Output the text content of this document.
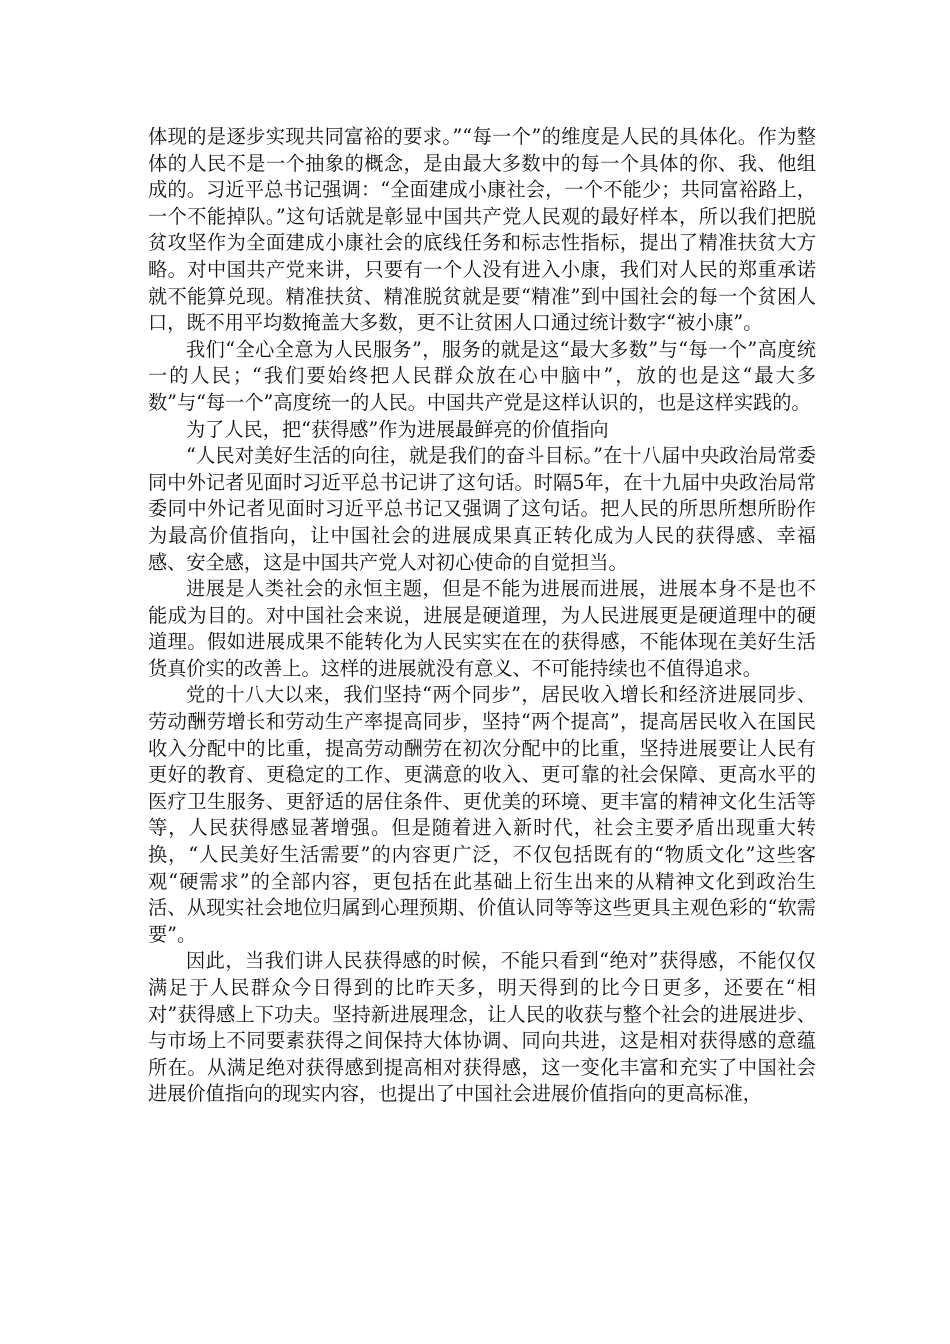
体现的是逐步实现共同富裕的要求。”“每一个”的维度是人民的具体化。作为整体的人民不是一个抽象的概念，是由最大多数中的每一个具体的你、我、他组成的。习近平总书记强调：“全面建成小康社会，一个不能少；共同富裕路上，一个不能掉队。”这句话就是彰显中国共产党人民观的最好样本，所以我们把脱贫攻坚作为全面建成小康社会的底线任务和标志性指标，提出了精准扶贫大方略。对中国共产党来讲，只要有一个人没有进入小康，我们对人民的郑重承诺就不能算兑现。精准扶贫、精准脱贫就是要“精准”到中国社会的每一个贫困人口，既不用平均数掩盖大多数，更不让贫困人口通过统计数字“被小康”。

我们“全心全意为人民服务”，服务的就是这“最大多数”与“每一个”高度统一的人民；“我们要始终把人民群众放在心中脑中”，放的也是这“最大多数”与“每一个”高度统一的人民。中国共产党是这样认识的，也是这样实践的。

为了人民，把“获得感”作为进展最鲜亮的价值指向

“人民对美好生活的向往，就是我们的奋斗目标。”在十八届中央政治局常委同中外记者见面时习近平总书记讲了这句话。时隔5年，在十九届中央政治局常委同中外记者见面时习近平总书记又强调了这句话。把人民的所思所想所盼作为最高价值指向，让中国社会的进展成果真正转化成为人民的获得感、幸福感、安全感，这是中国共产党人对初心使命的自觉担当。

进展是人类社会的永恒主题，但是不能为进展而进展，进展本身不是也不能成为目的。对中国社会来说，进展是硬道理，为人民进展更是硬道理中的硬道理。假如进展成果不能转化为人民实实在在的获得感，不能体现在美好生活货真价实的改善上。这样的进展就没有意义、不可能持续也不值得追求。

党的十八大以来，我们坚持“两个同步”，居民收入增长和经济进展同步、劳动酬劳增长和劳动生产率提高同步，坚持“两个提高”，提高居民收入在国民收入分配中的比重，提高劳动酬劳在初次分配中的比重，坚持进展要让人民有更好的教育、更稳定的工作、更满意的收入、更可靠的社会保障、更高水平的医疗卫生服务、更舒适的居住条件、更优美的环境、更丰富的精神文化生活等等，人民获得感显著增强。但是随着进入新时代，社会主要矛盾出现重大转换，“人民美好生活需要”的内容更广泛，不仅包括既有的“物质文化”这些客观“硬需求”的全部内容，更包括在此基础上衍生出来的从精神文化到政治生活、从现实社会地位归属到心理预期、价值认同等等这些更具主观色彩的“软需要”。

因此，当我们讲人民获得感的时候，不能只看到“绝对”获得感，不能仅仅满足于人民群众今日得到的比昨天多，明天得到的比今日更多，还要在“相对”获得感上下功夫。坚持新进展理念，让人民的收获与整个社会的进展进步、与市场上不同要素获得之间保持大体协调、同向共进，这是相对获得感的意蕴所在。从满足绝对获得感到提高相对获得感，这一变化丰富和充实了中国社会进展价值指向的现实内容，也提出了中国社会进展价值指向的更高标准，
